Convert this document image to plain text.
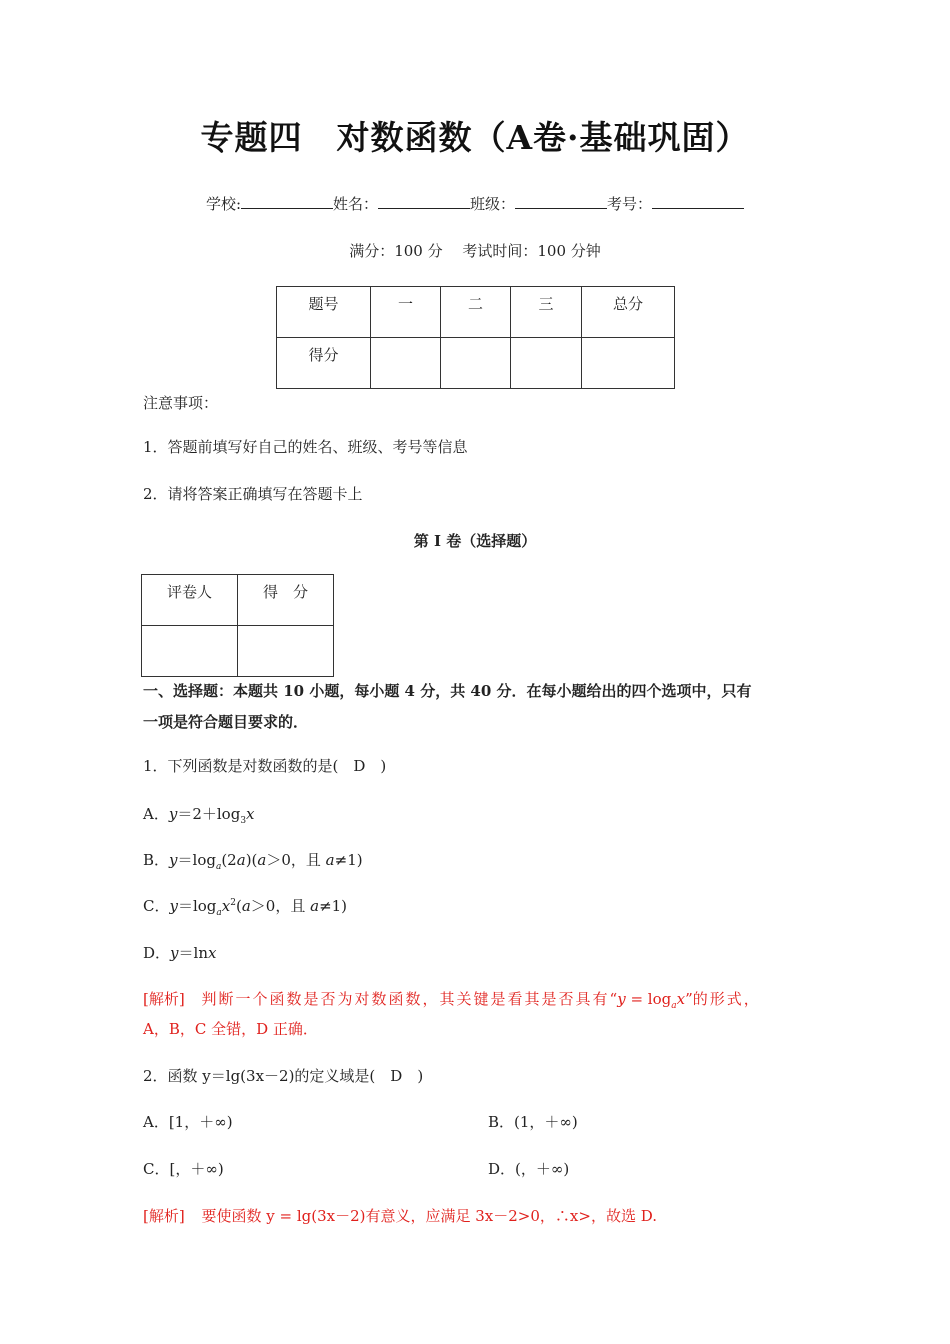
专题四　对数函数（A卷·基础巩固）
学校:	姓名：	班级：	考号：
满分：100 分　 考试时间：100 分钟
题号	一	二	三	总分
得分				
注意事项：
1．答题前填写好自己的姓名、班级、考号等信息
2．请将答案正确填写在答题卡上
第 I 卷（选择题）
评卷人	得　分

一、选择题：本题共 10 小题，每小题 4 分，共 40 分．在每小题给出的四个选项中，只有
一项是符合题目要求的．
1．下列函数是对数函数的是(　D　)
A．$y=2+\log_3x$
B．$y=\log_a(2a)(a>0$，且 a≠1)
C．$y=\log_ax^2(a>0$，且 a≠1)
D．y＝lnx
[解析] 判断一个函数是否为对数函数，其关键是看其是否具有“$y = \log_ax$”的形式，
A，B，C 全错，D 正确．
2．函数 y＝lg(3x－2)的定义域是(　D　)
A．[1，＋∞)	B．(1，＋∞)
C．[，＋∞)	D．(，＋∞)
[解析] 要使函数 y = lg(3x－2)有意义，应满足 3x－2>0，∴x>，故选 D.
